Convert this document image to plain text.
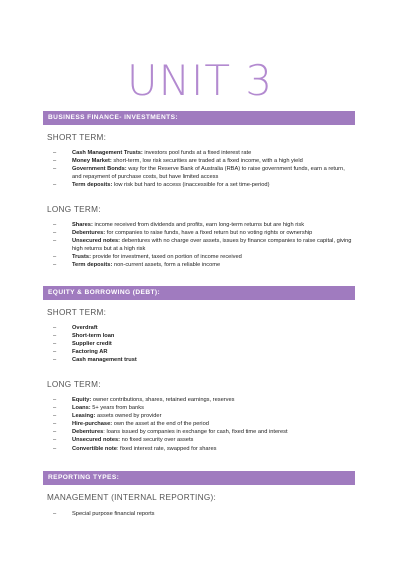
UNIT 3
BUSINESS FINANCE- INVESTMENTS:
SHORT TERM:
–	Cash Management Trusts: investors pool funds at a fixed interest rate
–	Money Market: short-term, low risk securities are traded at a fixed income, with a high yield
–	Government Bonds: way for the Reserve Bank of Australia (RBA) to raise government funds, earn a return, and repayment of purchase costs, but have limited access
–	Term deposits: low risk but hard to access (inaccessible for a set time-period)
LONG TERM:
–	Shares: income received from dividends and profits, earn long-term returns but are high risk
–	Debentures: for companies to raise funds, have a fixed return but no voting rights or ownership
–	Unsecured notes: debentures with no charge over assets, issues by finance companies to raise capital, giving high returns but at a high risk
–	Trusts: provide for investment, taxed on portion of income received
–	Term deposits: non-current assets, form a reliable income
EQUITY & BORROWING (DEBT):
SHORT TERM:
–	Overdraft
–	Short-term loan
–	Supplier credit
–	Factoring AR
–	Cash management trust
LONG TERM:
–	Equity: owner contributions, shares, retained earnings, reserves
–	Loans: 5+ years from banks
–	Leasing: assets owned by provider
–	Hire-purchase: own the asset at the end of the period
–	Debentures: loans issued by companies in exchange for cash, fixed time and interest
–	Unsecured notes: no fixed security over assets
–	Convertible note: fixed interest rate, swapped for shares
REPORTING TYPES:
MANAGEMENT (INTERNAL REPORTING):
–	Special purpose financial reports
